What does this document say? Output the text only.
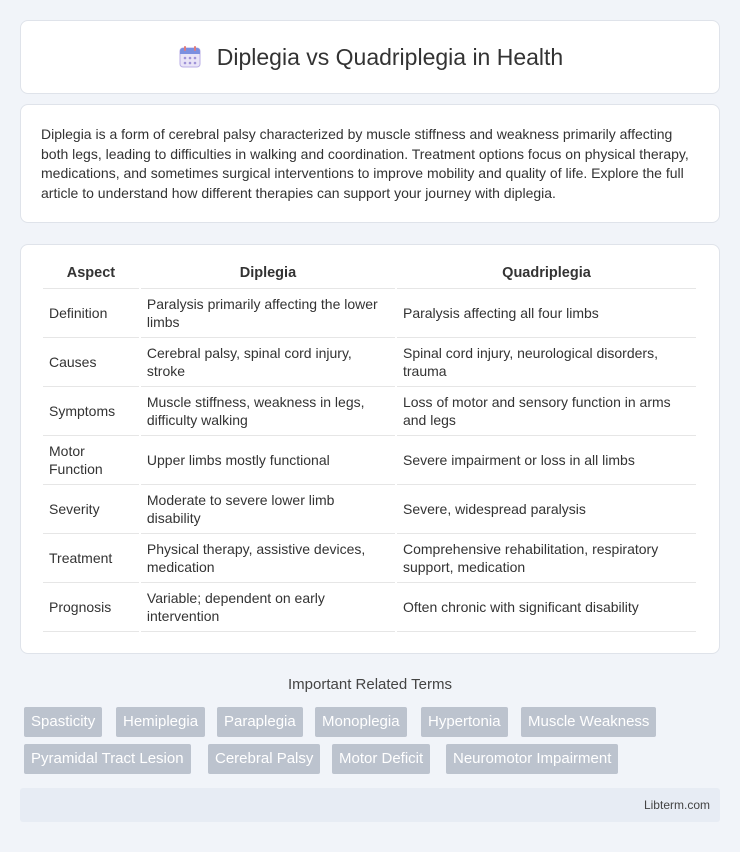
Diplegia vs Quadriplegia in Health

Diplegia is a form of cerebral palsy characterized by muscle stiffness and weakness primarily affecting both legs, leading to difficulties in walking and coordination. Treatment options focus on physical therapy, medications, and sometimes surgical interventions to improve mobility and quality of life. Explore the full article to understand how different therapies can support your journey with diplegia.

Aspect	Diplegia	Quadriplegia
Definition	Paralysis primarily affecting the lower limbs	Paralysis affecting all four limbs
Causes	Cerebral palsy, spinal cord injury, stroke	Spinal cord injury, neurological disorders, trauma
Symptoms	Muscle stiffness, weakness in legs, difficulty walking	Loss of motor and sensory function in arms and legs
Motor Function	Upper limbs mostly functional	Severe impairment or loss in all limbs
Severity	Moderate to severe lower limb disability	Severe, widespread paralysis
Treatment	Physical therapy, assistive devices, medication	Comprehensive rehabilitation, respiratory support, medication
Prognosis	Variable; dependent on early intervention	Often chronic with significant disability
Important Related Terms
Spasticity	Hemiplegia	Paraplegia	Monoplegia	Hypertonia	Muscle Weakness
Pyramidal Tract Lesion	Cerebral Palsy	Motor Deficit	Neuromotor Impairment
Libterm.com
